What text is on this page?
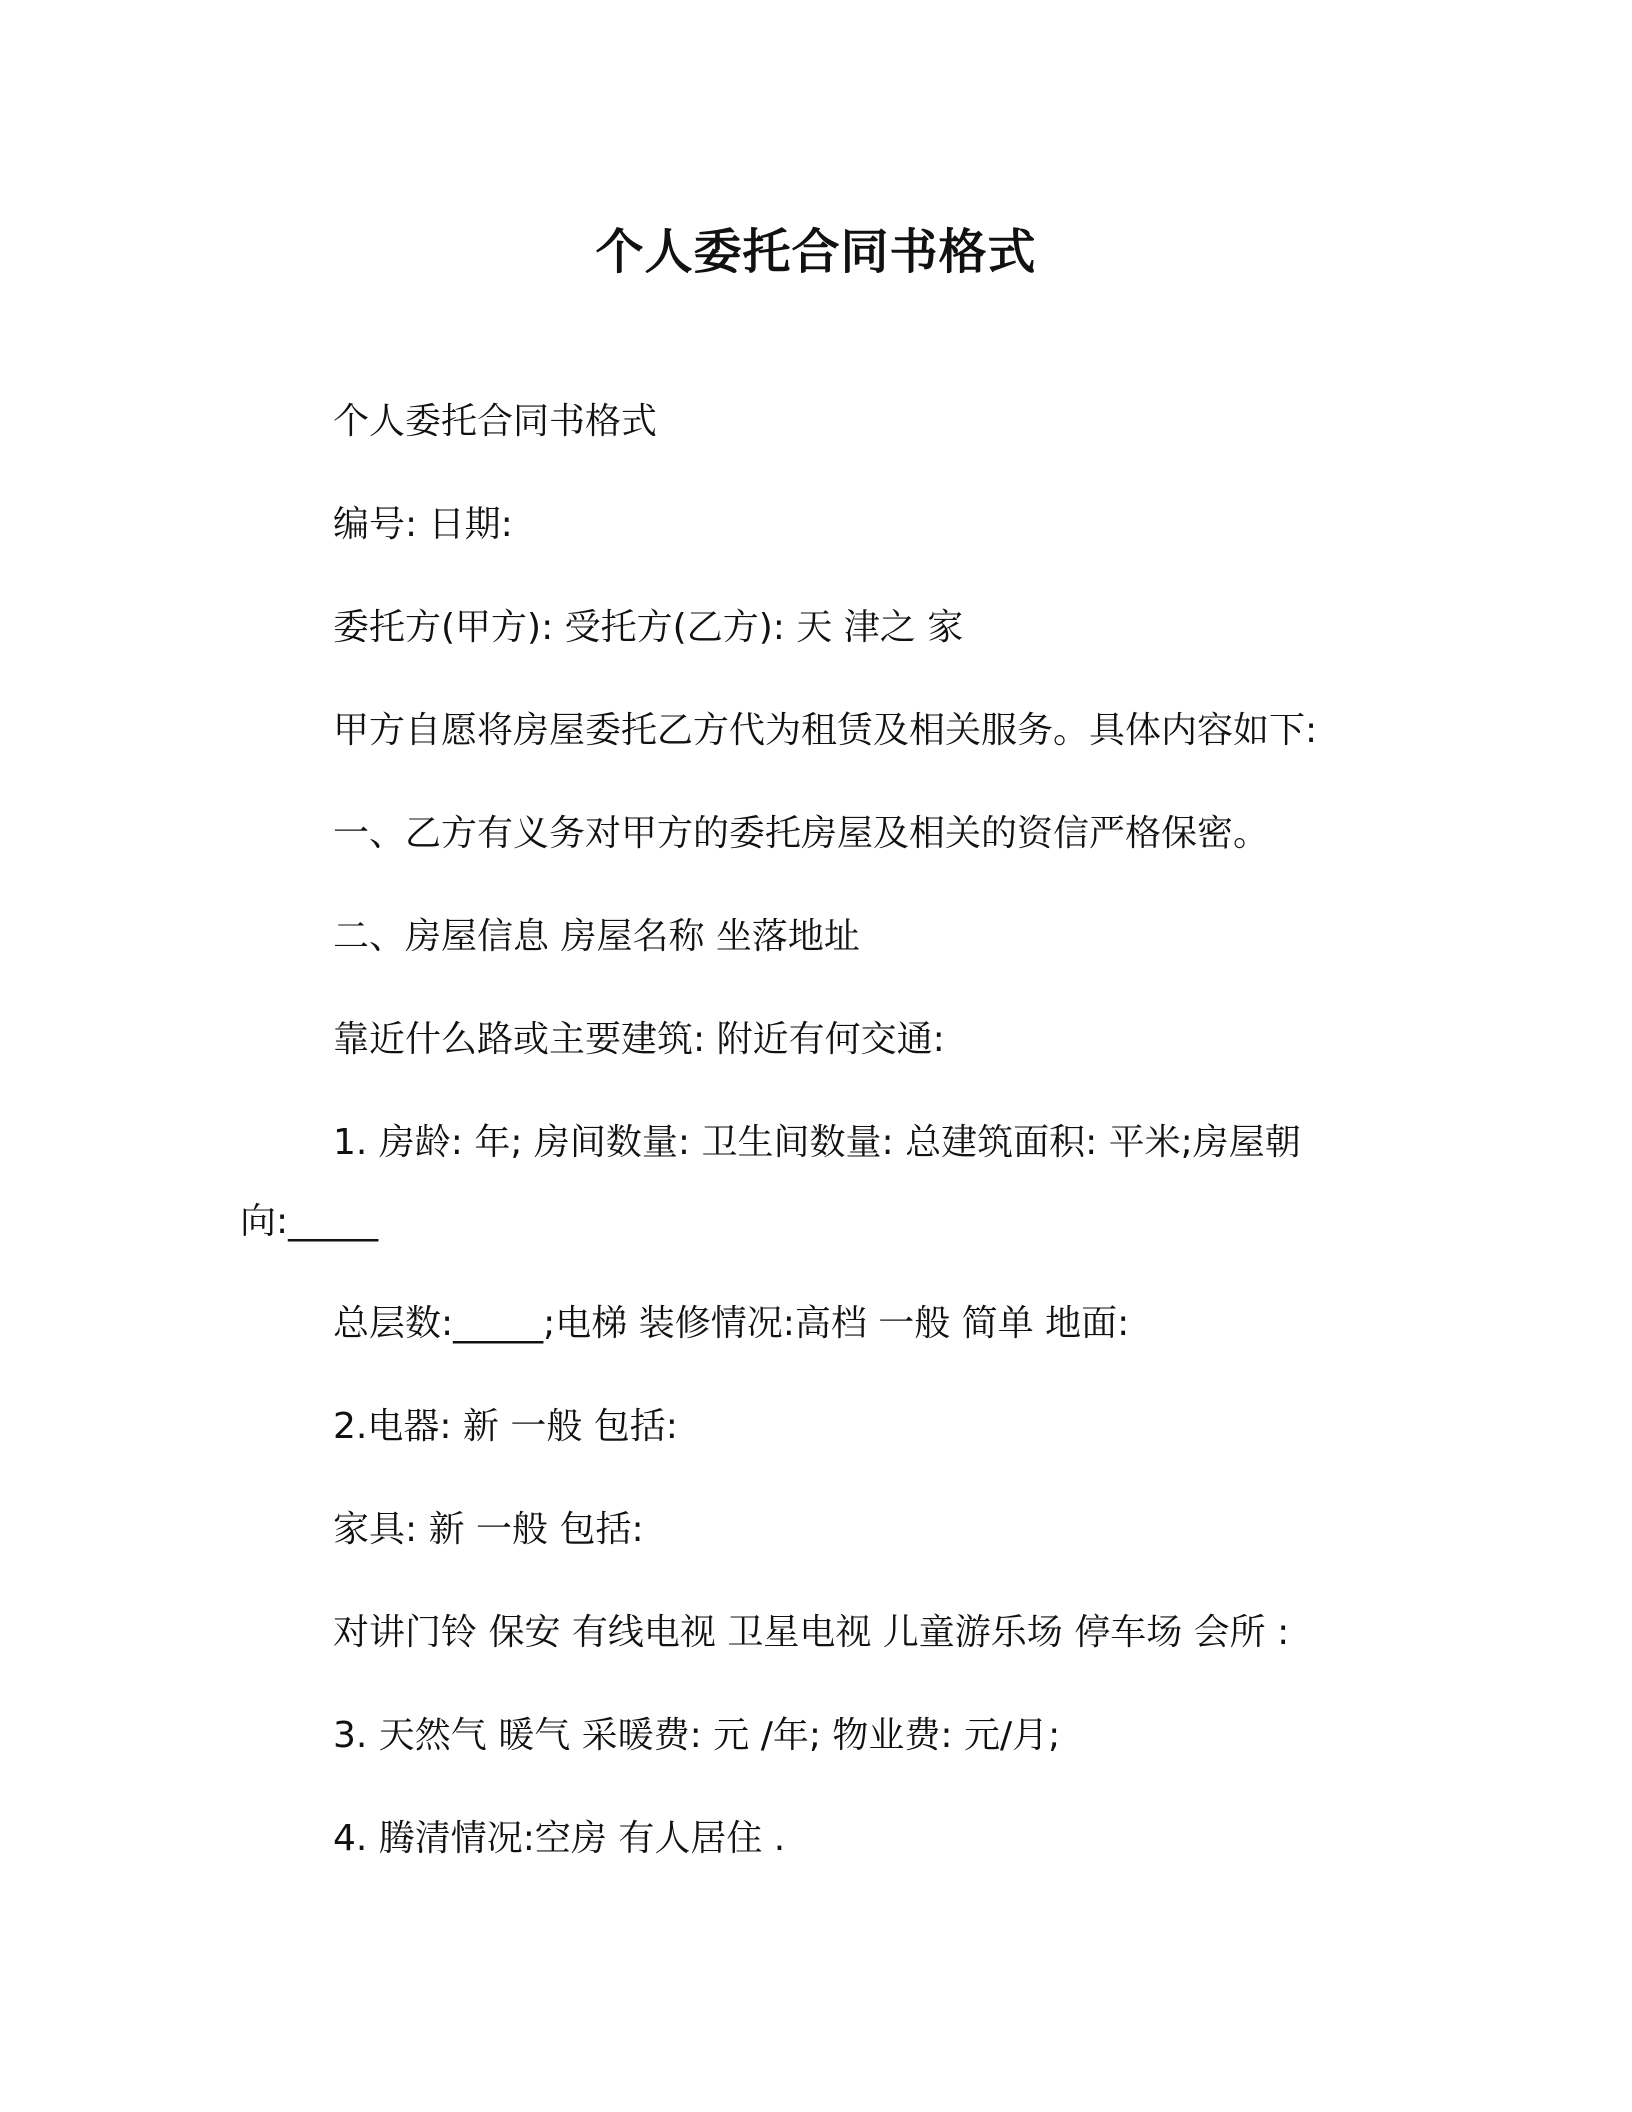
个人委托合同书格式
个人委托合同书格式
编号: 日期:
委托方(甲方): 受托方(乙方): 天 津之 家
甲方自愿将房屋委托乙方代为租赁及相关服务。具体内容如下:
一、乙方有义务对甲方的委托房屋及相关的资信严格保密。
二、房屋信息 房屋名称 坐落地址
靠近什么路或主要建筑: 附近有何交通:
1. 房龄: 年; 房间数量: 卫生间数量: 总建筑面积: 平米;房屋朝
向:_____
总层数:_____;电梯 装修情况:高档 一般 简单 地面:
2.电器: 新 一般 包括:
家具: 新 一般 包括:
对讲门铃 保安 有线电视 卫星电视 儿童游乐场 停车场 会所 :
3. 天然气 暖气 采暖费: 元 /年; 物业费: 元/月;
4. 腾清情况:空房 有人居住 .
